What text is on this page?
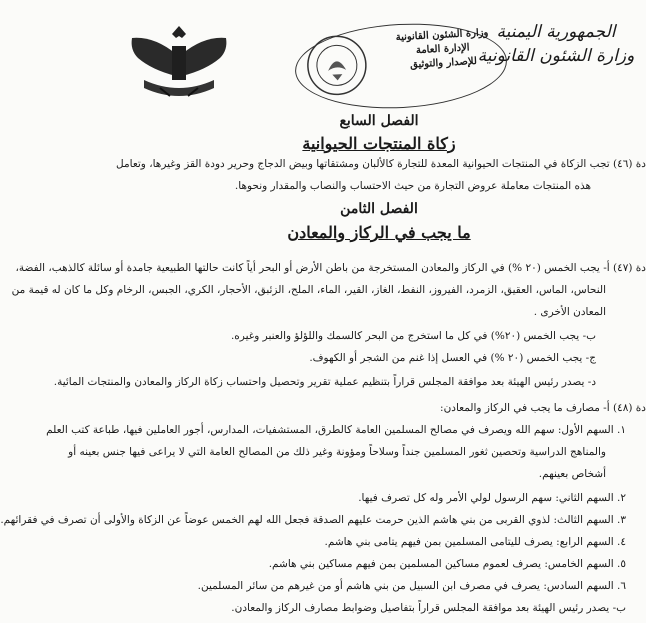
الجمهورية اليمنية
وزارة الشئون القانونية
وزارة الشئون القانونية
الإدارة العامة
للإصدار والتوثيق
الفصل السابع
زكاة المنتجات الحيوانية
دة (٤٦) تجب الزكاة في المنتجات الحيوانية المعدة للتجارة كالألبان ومشتقاتها وبيض الدجاج وحرير دودة القز وغيرها، وتعامل
هذه المنتجات معاملة عروض التجارة من حيث الاحتساب والنصاب والمقدار ونحوها.
الفصل الثامن
ما يجب في الركاز والمعادن
دة (٤٧) أ- يجب الخمس (٢٠ %) في الركاز والمعادن المستخرجة من باطن الأرض أو البحر أياً كانت حالتها الطبيعية جامدة أو سائلة كالذهب، الفضة،
النحاس، الماس، العقيق، الزمرد، الفيروز، النفط، الغاز، القير، الماء، الملح، الزئبق، الأحجار، الكري، الجبس، الرخام وكل ما كان له قيمة من
المعادن الأخرى .
ب- يجب الخمس (٢٠%) في كل ما استخرج من البحر كالسمك واللؤلؤ والعنبر وغيره.
ج- يجب الخمس (٢٠ %) في العسل إذا غنم من الشجر أو الكهوف.
د- يصدر رئيس الهيئة بعد موافقة المجلس قراراً بتنظيم عملية تقرير وتحصيل واحتساب زكاة الركاز والمعادن والمنتجات المائية.
دة (٤٨) أ- مصارف ما يجب في الركاز والمعادن:
١. السهم الأول: سهم الله ويصرف في مصالح المسلمين العامة كالطرق، المستشفيات، المدارس، أجور العاملين فيها، طباعة كتب العلم
والمناهج الدراسية وتحصين ثغور المسلمين جنداً وسلاحاً ومؤونة وغير ذلك من المصالح العامة التي لا يراعى فيها جنس بعينه أو
أشخاص بعينهم.
٢. السهم الثاني: سهم الرسول لولي الأمر وله كل تصرف فيها.
٣. السهم الثالث: لذوي القربى من بني هاشم الذين حرمت عليهم الصدقة فجعل الله لهم الخمس عوضاً عن الزكاة والأولى أن تصرف في فقرائهم.
٤. السهم الرابع: يصرف لليتامى المسلمين بمن فيهم يتامى بني هاشم.
٥. السهم الخامس: يصرف لعموم مساكين المسلمين بمن فيهم مساكين بني هاشم.
٦. السهم السادس: يصرف في مصرف ابن السبيل من بني هاشم أو من غيرهم من سائر المسلمين.
ب- يصدر رئيس الهيئة بعد موافقة المجلس قراراً بتفاصيل وضوابط مصارف الركاز والمعادن.
